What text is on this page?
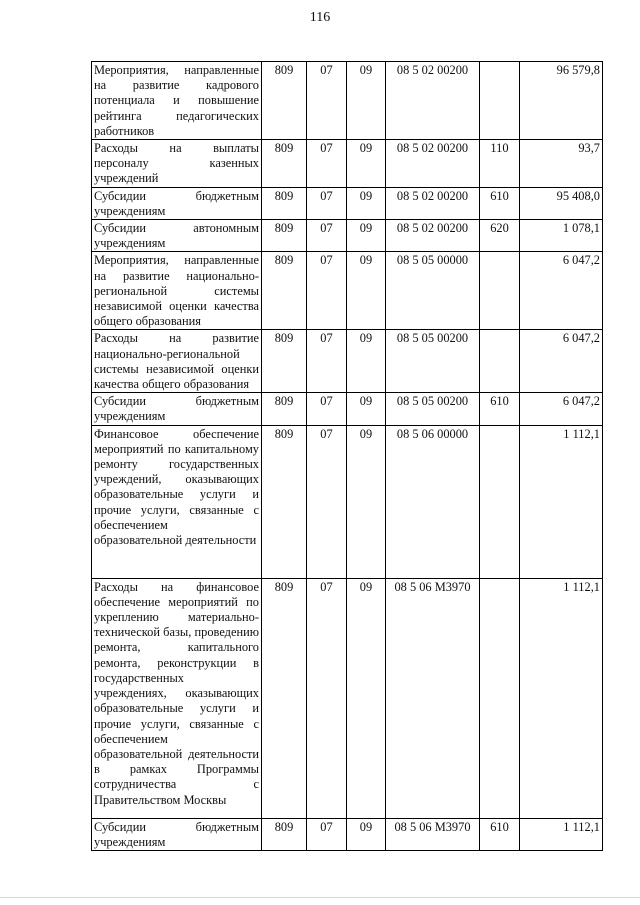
116
Мероприятия, направленные на развитие кадрового потенциала и повышение рейтинга педагогических работников	809	07	09	08 5 02 00200		96 579,8
Расходы на выплаты персоналу казенных учреждений	809	07	09	08 5 02 00200	110	93,7
Субсидии бюджетным учреждениям	809	07	09	08 5 02 00200	610	95 408,0
Субсидии автономным учреждениям	809	07	09	08 5 02 00200	620	1 078,1
Мероприятия, направленные на развитие национально-региональной системы независимой оценки качества общего образования	809	07	09	08 5 05 00000		6 047,2
Расходы на развитие национально-региональной системы независимой оценки качества общего образования	809	07	09	08 5 05 00200		6 047,2
Субсидии бюджетным учреждениям	809	07	09	08 5 05 00200	610	6 047,2
Финансовое обеспечение мероприятий по капитальному ремонту государственных учреждений, оказывающих образовательные услуги и прочие услуги, связанные с обеспечением образовательной деятельности	809	07	09	08 5 06 00000		1 112,1
Расходы на финансовое обеспечение мероприятий по укреплению материально-технической базы, проведению ремонта, капитального ремонта, реконструкции в государственных учреждениях, оказывающих образовательные услуги и прочие услуги, связанные с обеспечением образовательной деятельности в рамках Программы сотрудничества с Правительством Москвы	809	07	09	08 5 06 М3970		1 112,1
Субсидии бюджетным учреждениям	809	07	09	08 5 06 М3970	610	1 112,1
